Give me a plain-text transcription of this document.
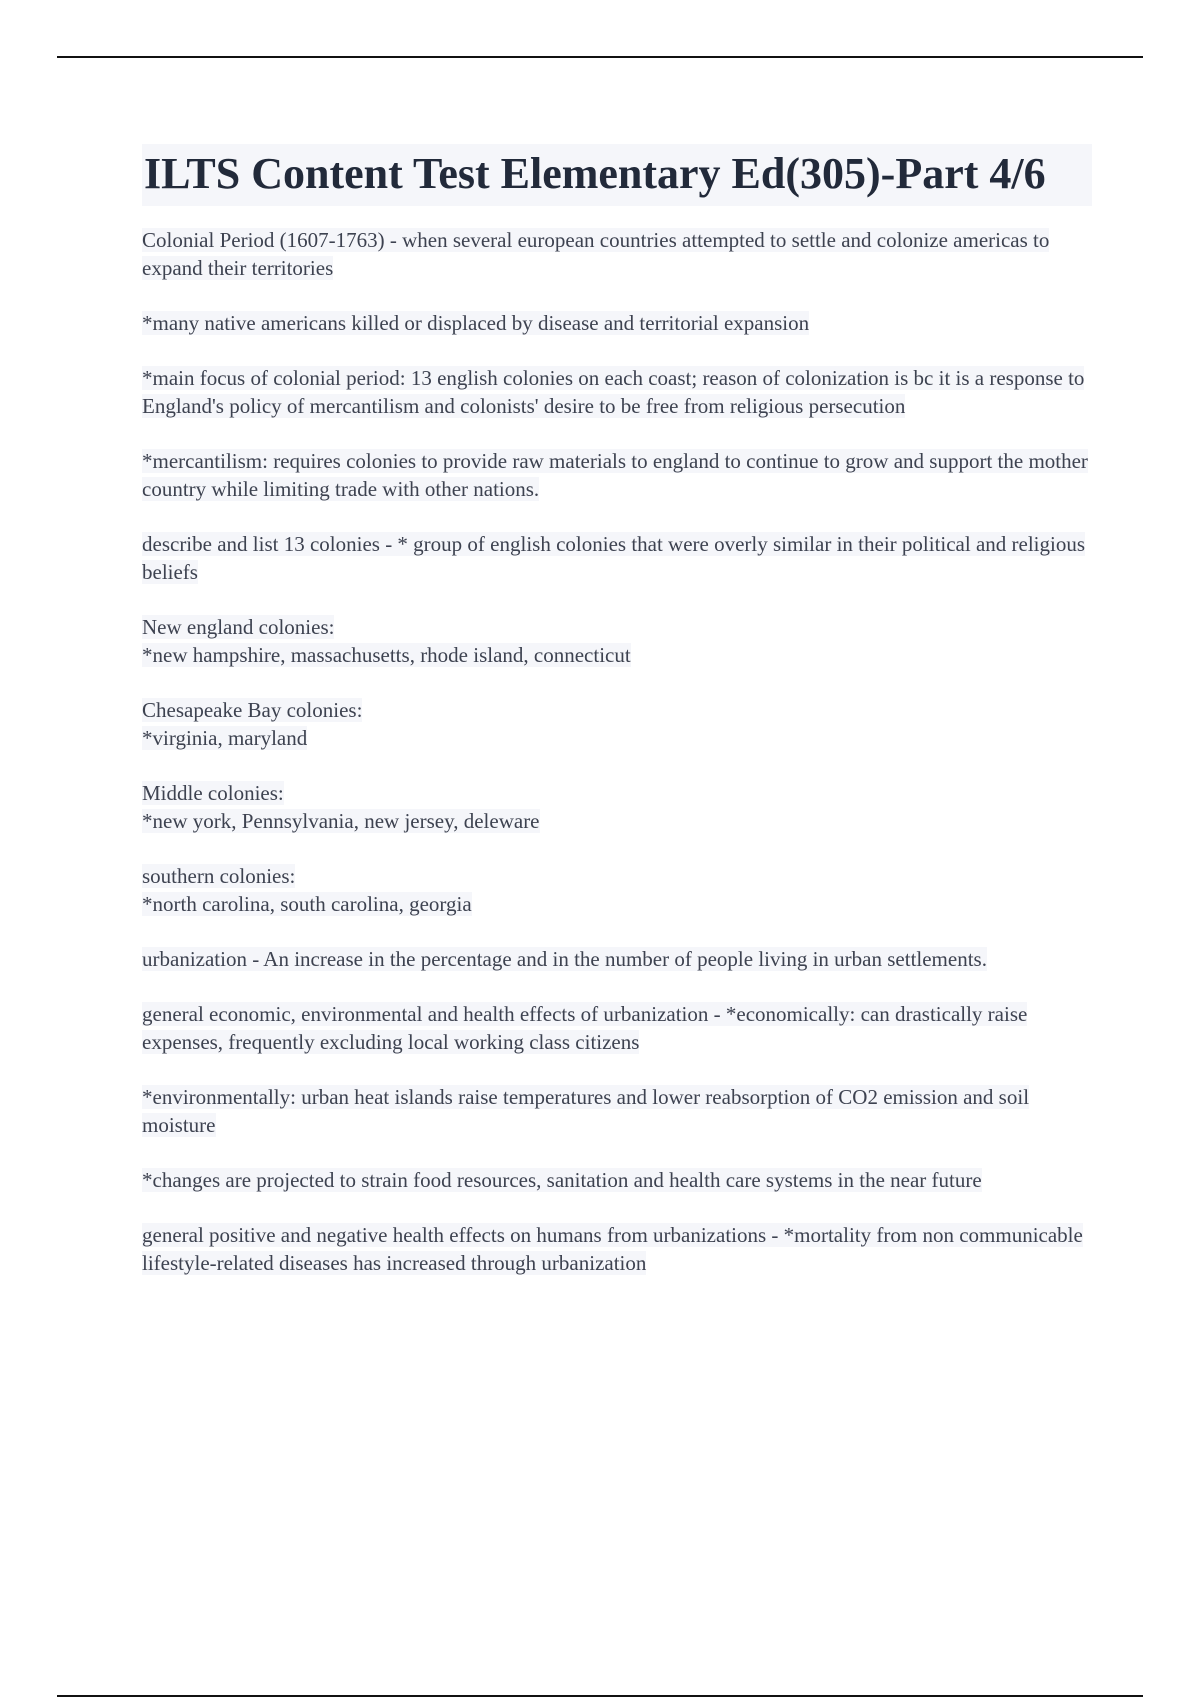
ILTS Content Test Elementary Ed(305)-Part 4/6

Colonial Period (1607-1763) - when several european countries attempted to settle and colonize americas to expand their territories

*many native americans killed or displaced by disease and territorial expansion

*main focus of colonial period: 13 english colonies on each coast; reason of colonization is bc it is a response to England's policy of mercantilism and colonists' desire to be free from religious persecution

*mercantilism: requires colonies to provide raw materials to england to continue to grow and support the mother country while limiting trade with other nations.

describe and list 13 colonies - * group of english colonies that were overly similar in their political and religious beliefs

New england colonies:
*new hampshire, massachusetts, rhode island, connecticut

Chesapeake Bay colonies:
*virginia, maryland

Middle colonies:
*new york, Pennsylvania, new jersey, deleware

southern colonies:
*north carolina, south carolina, georgia

urbanization - An increase in the percentage and in the number of people living in urban settlements.

general economic, environmental and health effects of urbanization - *economically: can drastically raise expenses, frequently excluding local working class citizens

*environmentally: urban heat islands raise temperatures and lower reabsorption of CO2 emission and soil moisture

*changes are projected to strain food resources, sanitation and health care systems in the near future

general positive and negative health effects on humans from urbanizations - *mortality from non communicable lifestyle-related diseases has increased through urbanization
